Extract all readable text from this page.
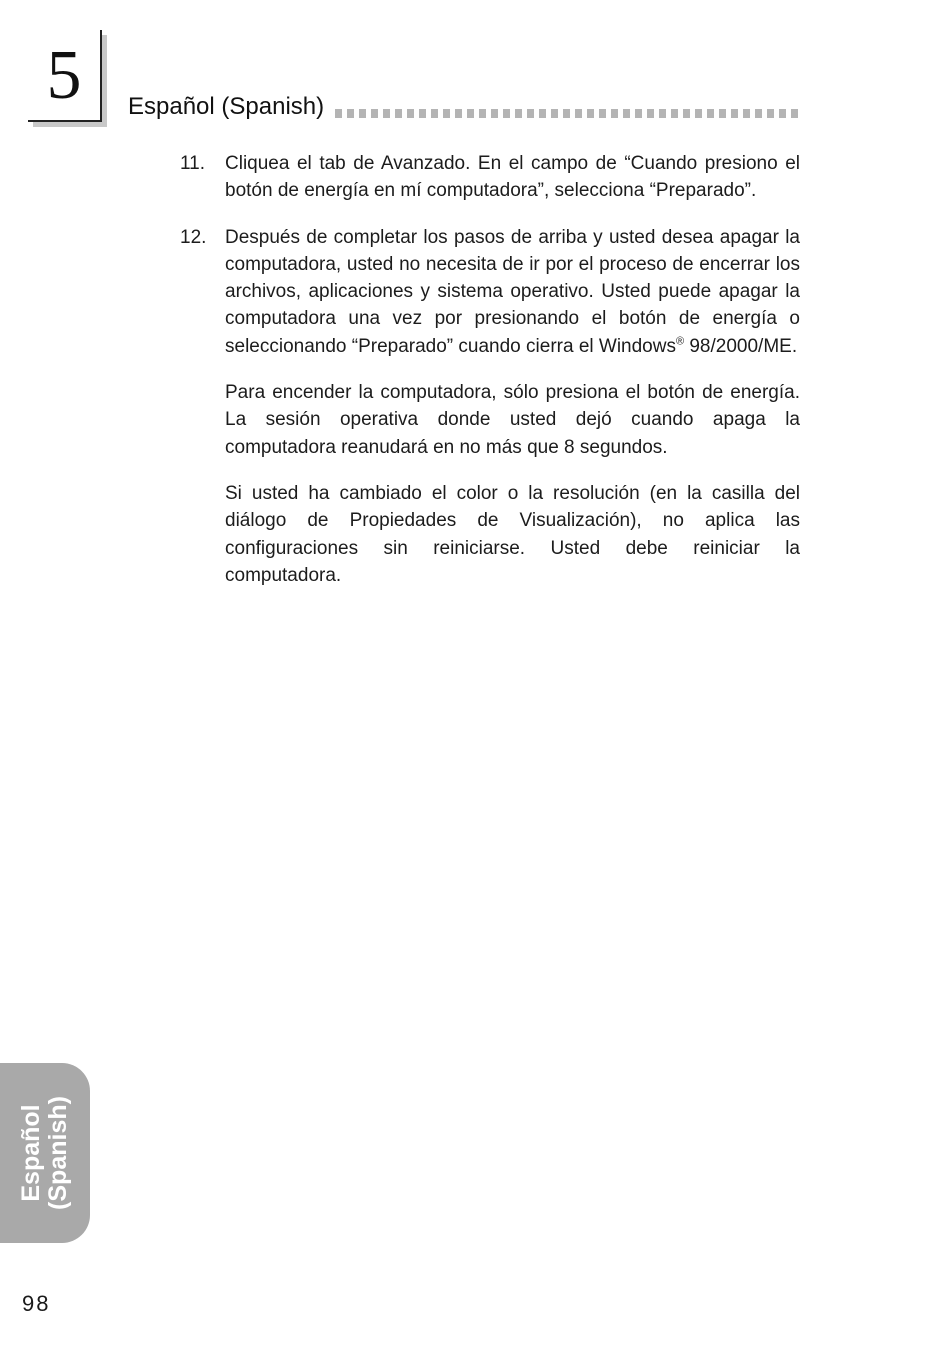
5	Español (Spanish)
11.	Cliquea el tab de Avanzado. En el campo de “Cuando presiono el botón de energía en mí computadora”, selecciona “Preparado”.
12. Después de completar los pasos de arriba y usted desea apagar la computadora, usted no necesita de ir por el proceso de encerrar los archivos, aplicaciones y sistema operativo. Usted puede apagar la computadora una vez por presionando el botón de energía o seleccionando “Preparado” cuando cierra el Windows® 98/2000/ME.

Para encender la computadora, sólo presiona el botón de energía. La sesión operativa donde usted dejó cuando apaga la computadora reanudará en no más que 8 segundos.

Si usted ha cambiado el color o la resolución (en la casilla del diálogo de Propiedades de Visualización), no aplica las configuraciones sin reiniciarse. Usted debe reiniciar la computadora.

Español (Spanish)
98
